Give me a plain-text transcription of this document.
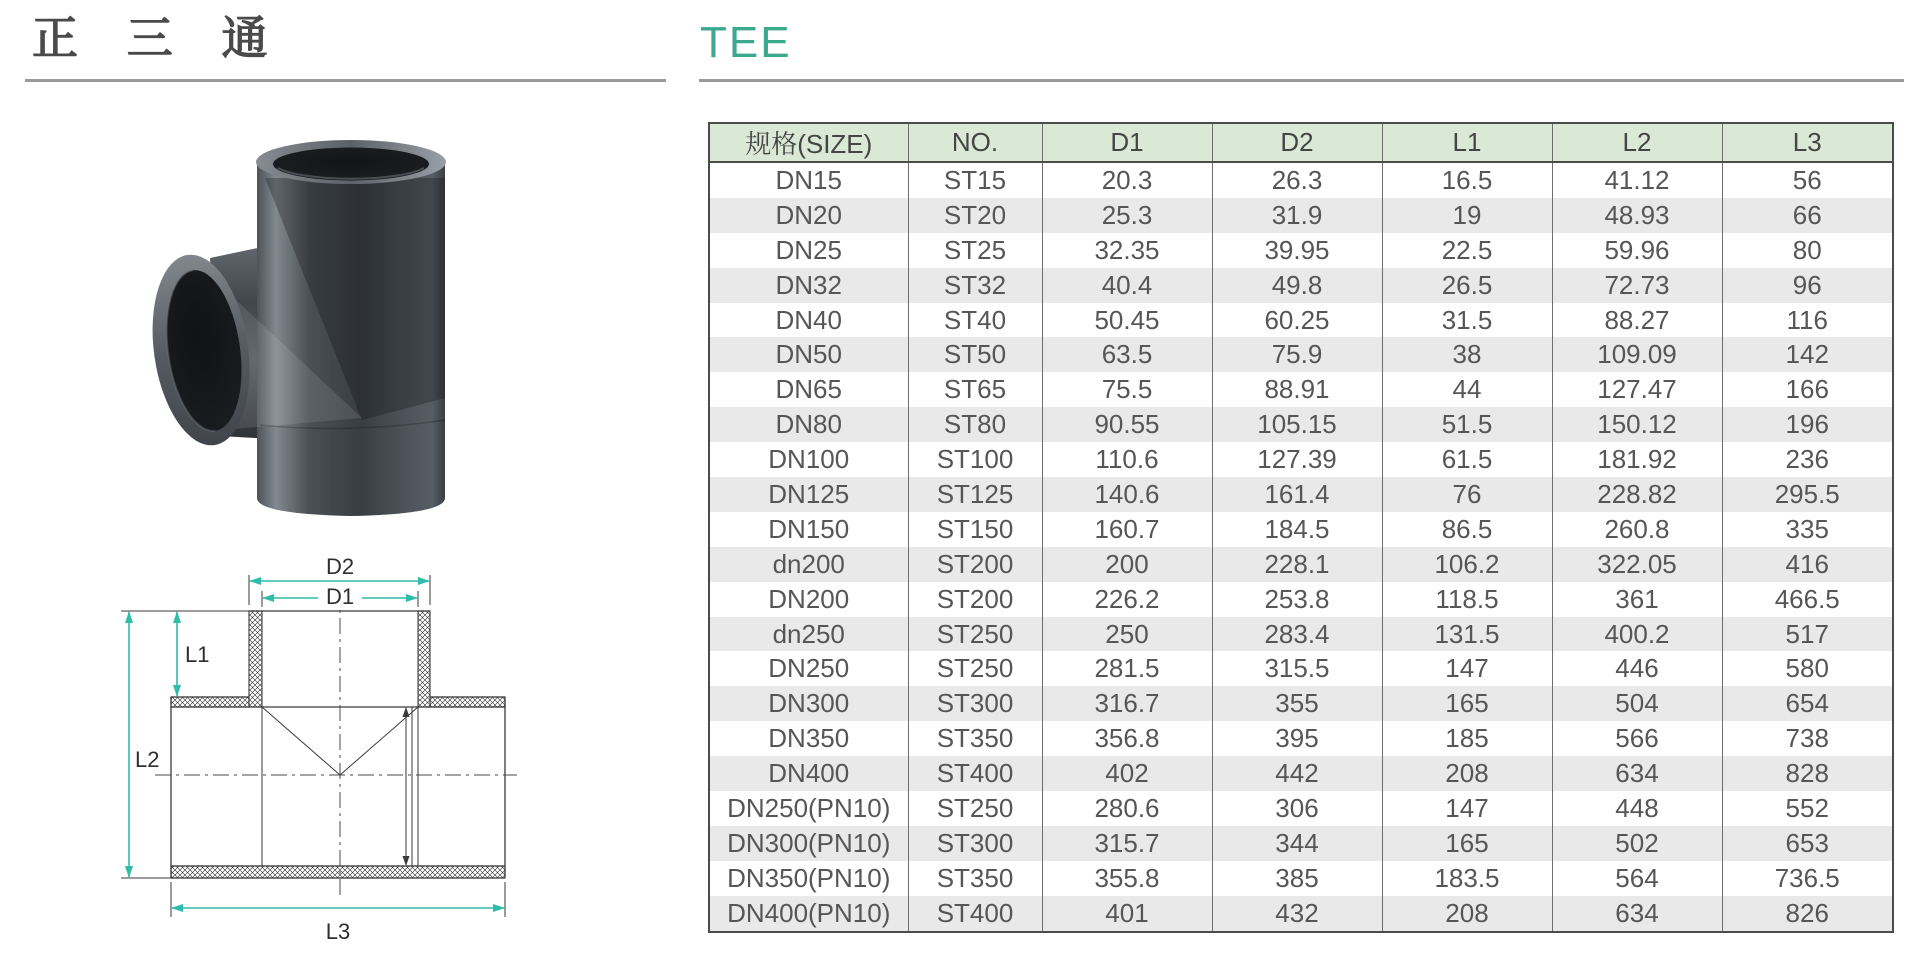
正 三 通	TEE
D2
D1
L1
L2
L3
规格(SIZE)	NO.	D1	D2	L1	L2	L3
DN15	ST15	20.3	26.3	16.5	41.12	56
DN20	ST20	25.3	31.9	19	48.93	66
DN25	ST25	32.35	39.95	22.5	59.96	80
DN32	ST32	40.4	49.8	26.5	72.73	96
DN40	ST40	50.45	60.25	31.5	88.27	116
DN50	ST50	63.5	75.9	38	109.09	142
DN65	ST65	75.5	88.91	44	127.47	166
DN80	ST80	90.55	105.15	51.5	150.12	196
DN100	ST100	110.6	127.39	61.5	181.92	236
DN125	ST125	140.6	161.4	76	228.82	295.5
DN150	ST150	160.7	184.5	86.5	260.8	335
dn200	ST200	200	228.1	106.2	322.05	416
DN200	ST200	226.2	253.8	118.5	361	466.5
dn250	ST250	250	283.4	131.5	400.2	517
DN250	ST250	281.5	315.5	147	446	580
DN300	ST300	316.7	355	165	504	654
DN350	ST350	356.8	395	185	566	738
DN400	ST400	402	442	208	634	828
DN250(PN10)	ST250	280.6	306	147	448	552
DN300(PN10)	ST300	315.7	344	165	502	653
DN350(PN10)	ST350	355.8	385	183.5	564	736.5
DN400(PN10)	ST400	401	432	208	634	826
